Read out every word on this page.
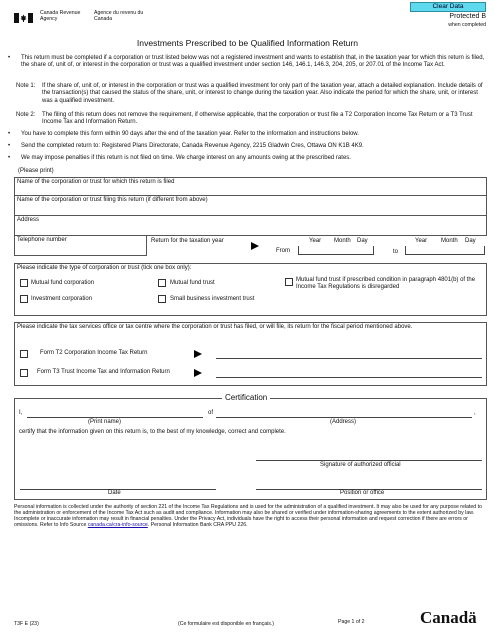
Canada Revenue Agency
Agence du revenu du Canada
Clear Data
Protected B
when completed
Investments Prescribed to be Qualified Information Return
• This return must be completed if a corporation or trust listed below was not a registered investment and wants to establish that, in the taxation year for which this return is filed, the share of, unit of, or interest in the corporation or trust was a qualified investment under section 146, 146.1, 146.3, 204, 205, or 207.01 of the Income Tax Act.
Note 1: If the share of, unit of, or interest in the corporation or trust was a qualified investment for only part of the taxation year, attach a detailed explanation. Include details of the transaction(s) that caused the status of the share, unit, or interest to change during the taxation year. Also indicate the period for which the share, unit, or interest was a qualified investment.
Note 2: The filing of this return does not remove the requirement, if otherwise applicable, that the corporation or trust file a T2 Corporation Income Tax Return or a T3 Trust Income Tax and Information Return.
• You have to complete this form within 90 days after the end of the taxation year. Refer to the information and instructions below.
• Send the completed return to: Registered Plans Directorate, Canada Revenue Agency, 2215 Gladwin Cres, Ottawa ON K1B 4K9.
• We may impose penalties if this return is not filed on time. We charge interest on any amounts owing at the prescribed rates.
(Please print)
Name of the corporation or trust for which this return is filed
Name of the corporation or trust filing this return (if different from above)
Address
Telephone number	Return for the taxation year
From
Year Month Day
to
Year Month Day
Please indicate the type of corporation or trust (tick one box only):
Mutual fund corporation	Mutual fund trust	Mutual fund trust if prescribed condition in paragraph 4801(b) of the Income Tax Regulations is disregarded
Investment corporation	Small business investment trust
Please indicate the tax services office or tax centre where the corporation or trust has filed, or will file, its return for the fiscal period mentioned above.
Form T2 Corporation Income Tax Return
Form T3 Trust Income Tax and Information Return
Certification
I,	of	,
(Print name)	(Address)
certify that the information given on this return is, to the best of my knowledge, correct and complete.
Signature of authorized official
Date	Position or office
Personal information is collected under the authority of section 221 of the Income Tax Regulations and is used for the administration of a qualified investment. It may also be used for any purpose related to the administration or enforcement of the Income Tax Act such as audit and compliance. Information may also be shared or verified under information-sharing agreements to the extent authorized by law. Incomplete or inaccurate information may result in financial penalties. Under the Privacy Act, individuals have the right to access their personal information and request correction if there are errors or omissions. Refer to Info Source canada.ca/cra-info-source. Personal Information Bank CRA PPU 226.
T3F E (23)	(Ce formulaire est disponible en français.)	Page 1 of 2	Canadä
